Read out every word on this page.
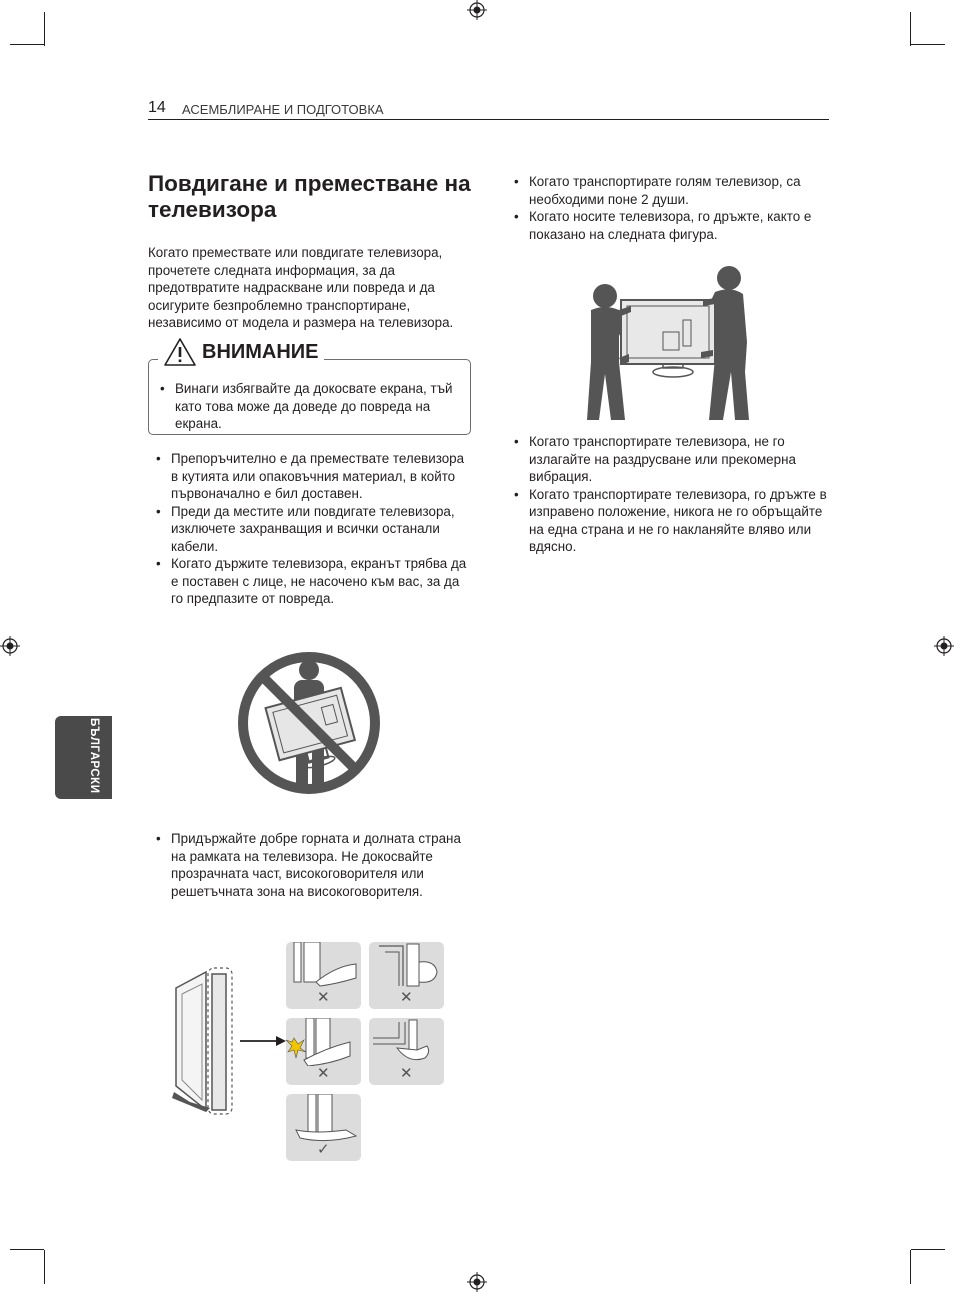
14 АСЕМБЛИРАНЕ И ПОДГОТОВКА
Повдигане и преместване на телевизора
Когато премествате или повдигате телевизора, прочетете следната информация, за да предотвратите надраскване или повреда и да осигурите безпроблемно транспортиране, независимо от модела и размера на телевизора.
ВНИМАНИЕ
• Винаги избягвайте да докосвате екрана, тъй като това може да доведе до повреда на екрана.
• Препоръчително е да премествате телевизора в кутията или опаковъчния материал, в който първоначално е бил доставен.
• Преди да местите или повдигате телевизора, изключете захранващия и всички останали кабели.
• Когато държите телевизора, екранът трябва да е поставен с лице, не насочено към вас, за да го предпазите от повреда.
• Придържайте добре горната и долната страна на рамката на телевизора. Не докосвайте прозрачната част, високоговорителя или решетъчната зона на високоговорителя.
✕	✕
✕	✕
✓
• Когато транспортирате голям телевизор, са необходими поне 2 души.
• Когато носите телевизора, го дръжте, както е показано на следната фигура.
• Когато транспортирате телевизора, не го излагайте на раздрусване или прекомерна вибрация.
• Когато транспортирате телевизора, го дръжте в изправено положение, никога не го обръщайте на една страна и не го накланяйте вляво или вдясно.
БЪЛГАРСКИ
